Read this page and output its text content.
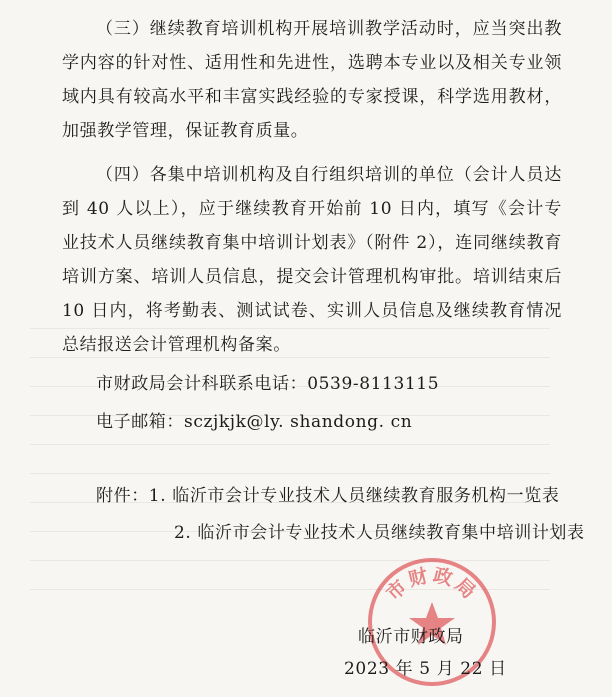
（三）继续教育培训机构开展培训教学活动时，应当突出教学内容的针对性、适用性和先进性，选聘本专业以及相关专业领域内具有较高水平和丰富实践经验的专家授课，科学选用教材，加强教学管理，保证教育质量。

（四）各集中培训机构及自行组织培训的单位（会计人员达到 40 人以上），应于继续教育开始前 10 日内，填写《会计专业技术人员继续教育集中培训计划表》（附件 2），连同继续教育培训方案、培训人员信息，提交会计管理机构审批。培训结束后 10 日内，将考勤表、测试试卷、实训人员信息及继续教育情况总结报送会计管理机构备案。

市财政局会计科联系电话：0539-8113115

电子邮箱：sczjkjk@ly. shandong. cn

附件：1. 临沂市会计专业技术人员继续教育服务机构一览表

2. 临沂市会计专业技术人员继续教育集中培训计划表

市财政局

临沂市财政局

2023 年 5 月 22 日
